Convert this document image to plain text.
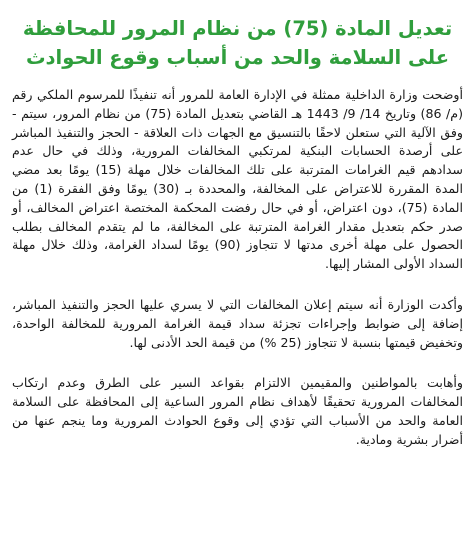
تعديل المادة (75) من نظام المرور للمحافظة
على السلامة والحد من أسباب وقوع الحوادث

أوضحت وزارة الداخلية ممثلة في الإدارة العامة للمرور أنه تنفيذًا للمرسوم الملكي رقم (م/ 86) وتاريخ 14/ 9/ 1443 هـ القاضي بتعديل المادة (75) من نظام المرور، سيتم - وفق الآلية التي ستعلن لاحقًا بالتنسيق مع الجهات ذات العلاقة - الحجز والتنفيذ المباشر على أرصدة الحسابات البنكية لمرتكبي المخالفات المرورية، وذلك في حال عدم سدادهم قيم الغرامات المترتبة على تلك المخالفات خلال مهلة (15) يومًا بعد مضي المدة المقررة للاعتراض على المخالفة، والمحددة بـ (30) يومًا وفق الفقرة (1) من المادة (75)، دون اعتراض، أو في حال رفضت المحكمة المختصة اعتراض المخالف، أو صدر حكم بتعديل مقدار الغرامة المترتبة على المخالفة، ما لم يتقدم المخالف بطلب الحصول على مهلة أخرى مدتها لا تتجاوز (90) يومًا لسداد الغرامة، وذلك خلال مهلة السداد الأولى المشار إليها.

وأكدت الوزارة أنه سيتم إعلان المخالفات التي لا يسري عليها الحجز والتنفيذ المباشر، إضافة إلى ضوابط وإجراءات تجزئة سداد قيمة الغرامة المرورية للمخالفة الواحدة، وتخفيض قيمتها بنسبة لا تتجاوز (25 %) من قيمة الحد الأدنى لها.

وأهابت بالمواطنين والمقيمين الالتزام بقواعد السير على الطرق وعدم ارتكاب المخالفات المرورية تحقيقًا لأهداف نظام المرور الساعية إلى المحافظة على السلامة العامة والحد من الأسباب التي تؤدي إلى وقوع الحوادث المرورية وما ينجم عنها من أضرار بشرية ومادية.
